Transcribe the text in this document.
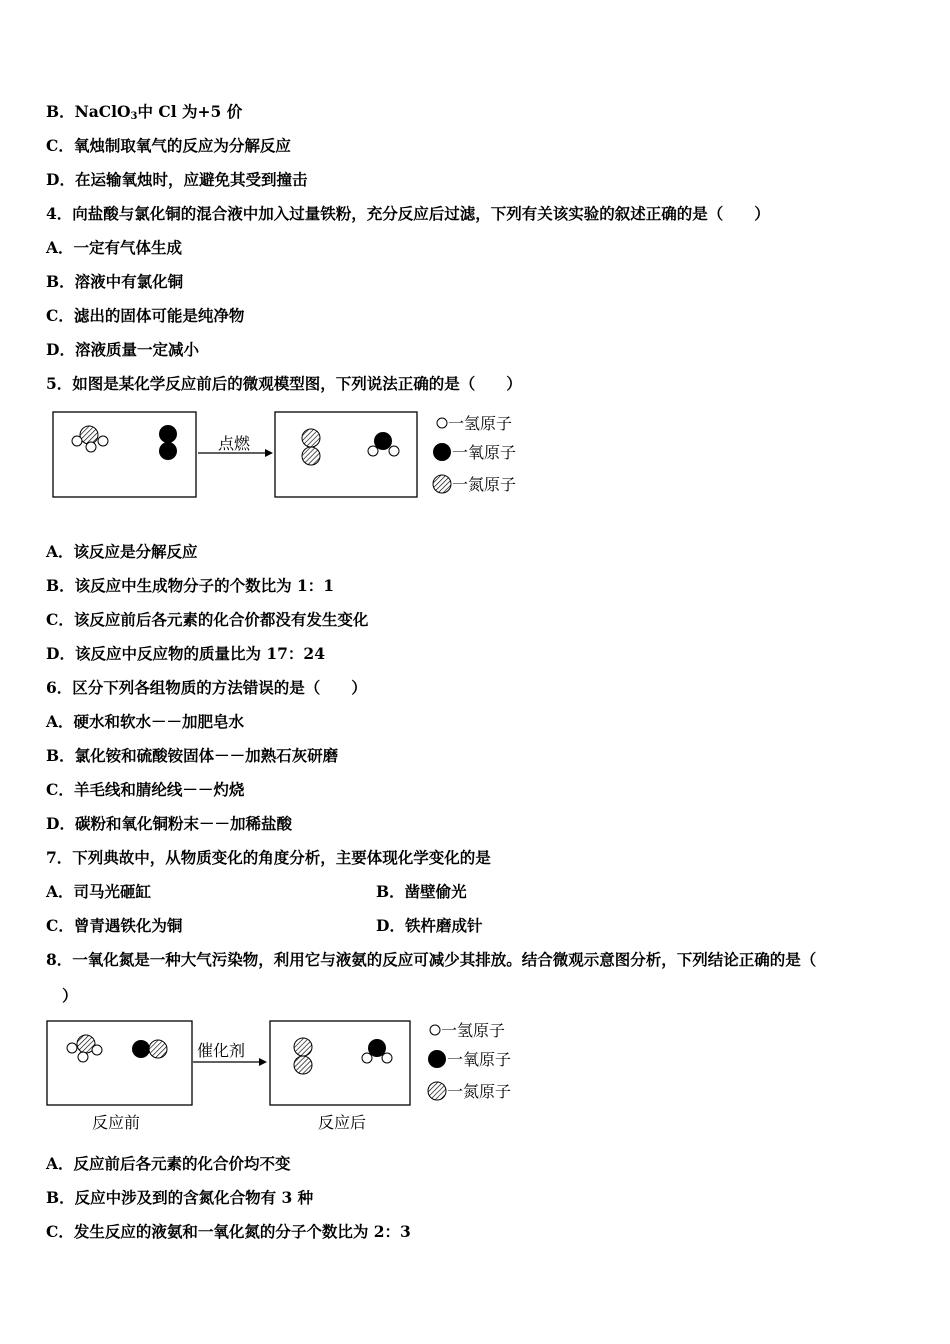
B．NaClO$_3$中 Cl 为+5 价

C．氧烛制取氧气的反应为分解反应

D．在运输氧烛时，应避免其受到撞击

4．向盐酸与氯化铜的混合液中加入过量铁粉，充分反应后过滤，下列有关该实验的叙述正确的是（　　）

A．一定有气体生成

B．溶液中有氯化铜

C．滤出的固体可能是纯净物

D．溶液质量一定减小

5．如图是某化学反应前后的微观模型图，下列说法正确的是（　　）

点燃
一氢原子
一氧原子
一氮原子
催化剂
反应前	反应后
一氢原子
一氧原子
一氮原子

A．该反应是分解反应

B．该反应中生成物分子的个数比为 1：1

C．该反应前后各元素的化合价都没有发生变化

D．该反应中反应物的质量比为 17：24

6．区分下列各组物质的方法错误的是（　　）

A．硬水和软水－－加肥皂水

B．氯化铵和硫酸铵固体－－加熟石灰研磨

C．羊毛线和腈纶线－－灼烧

D．碳粉和氧化铜粉末－－加稀盐酸

7．下列典故中，从物质变化的角度分析，主要体现化学变化的是

A．司马光砸缸	B．凿壁偷光

C．曾青遇铁化为铜	D．铁杵磨成针

8．一氧化氮是一种大气污染物，利用它与液氨的反应可减少其排放。结合微观示意图分析，下列结论正确的是（

）

A．反应前后各元素的化合价均不变

B．反应中涉及到的含氮化合物有 3 种

C．发生反应的液氨和一氧化氮的分子个数比为 2：3
